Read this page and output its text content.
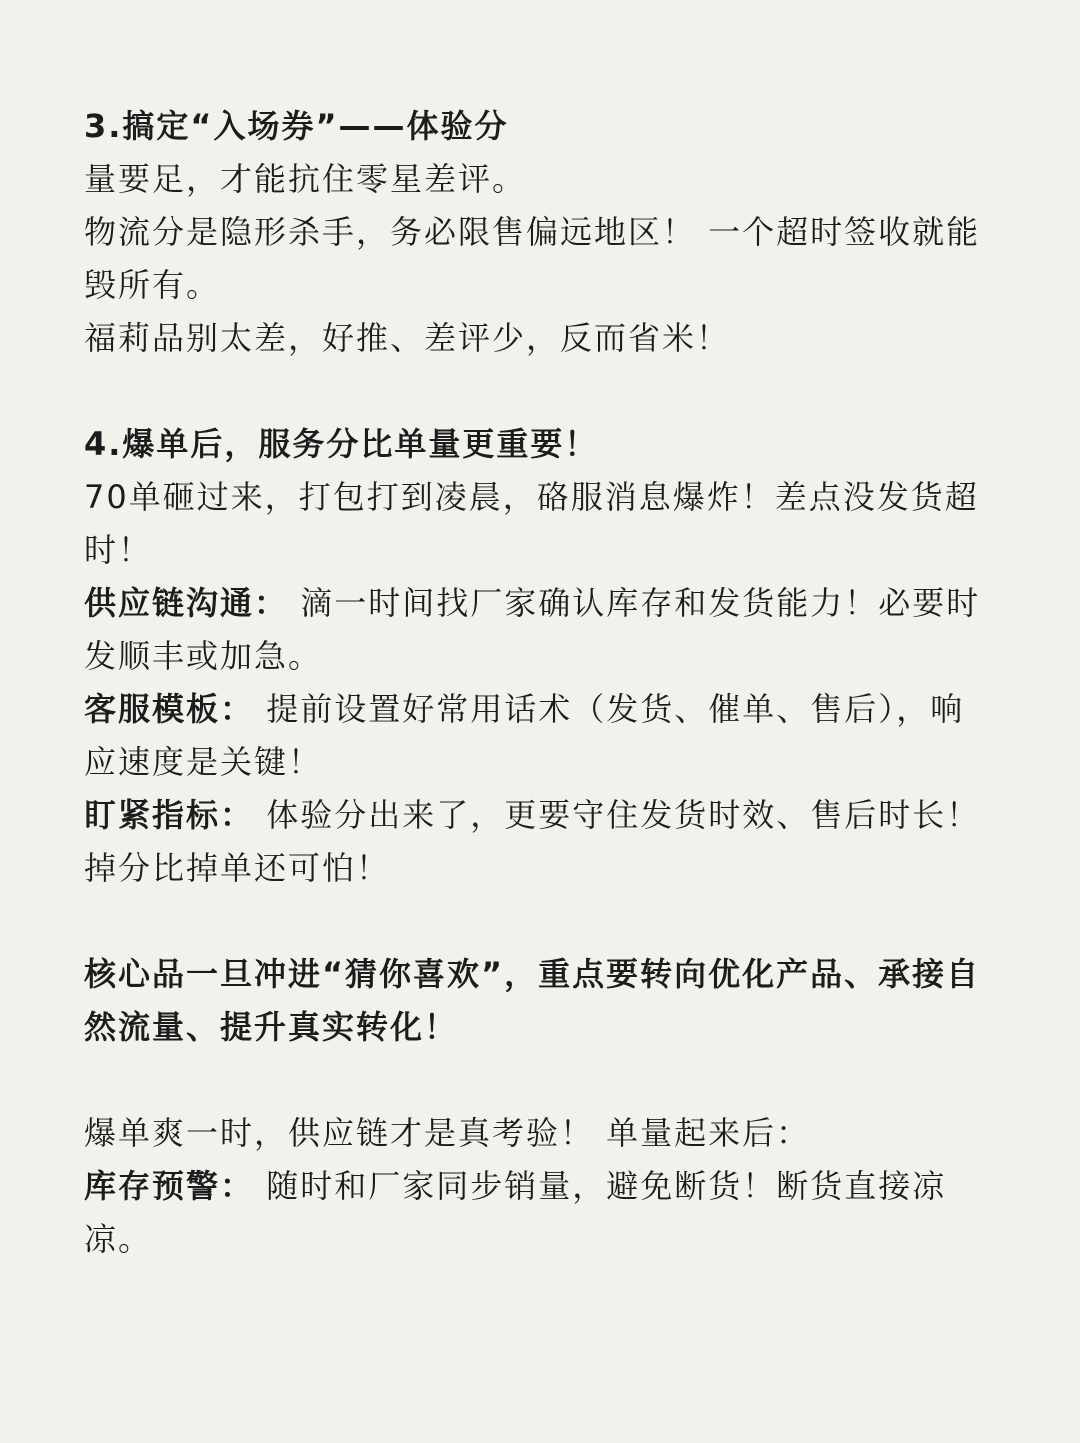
3.搞定“入场券”——体验分

量要足，才能抗住零星差评。

物流分是隐形杀手，务必限售偏远地区！ 一个超时签收就能

毁所有。

福莉品别太差，好推、差评少，反而省米！

4.爆单后，服务分比单量更重要！

70单砸过来，打包打到凌晨，硌服消息爆炸！差点没发货超

时！

供应链沟通： 滴一时间找厂家确认库存和发货能力！必要时

发顺丰或加急。

客服模板： 提前设置好常用话术（发货、催单、售后），响

应速度是关键！

盯紧指标： 体验分出来了，更要守住发货时效、售后时长！

掉分比掉单还可怕！

核心品一旦冲进“猜你喜欢”，重点要转向优化产品、承接自

然流量、提升真实转化！

爆单爽一时，供应链才是真考验！ 单量起来后：

库存预警： 随时和厂家同步销量，避免断货！断货直接凉

凉。
